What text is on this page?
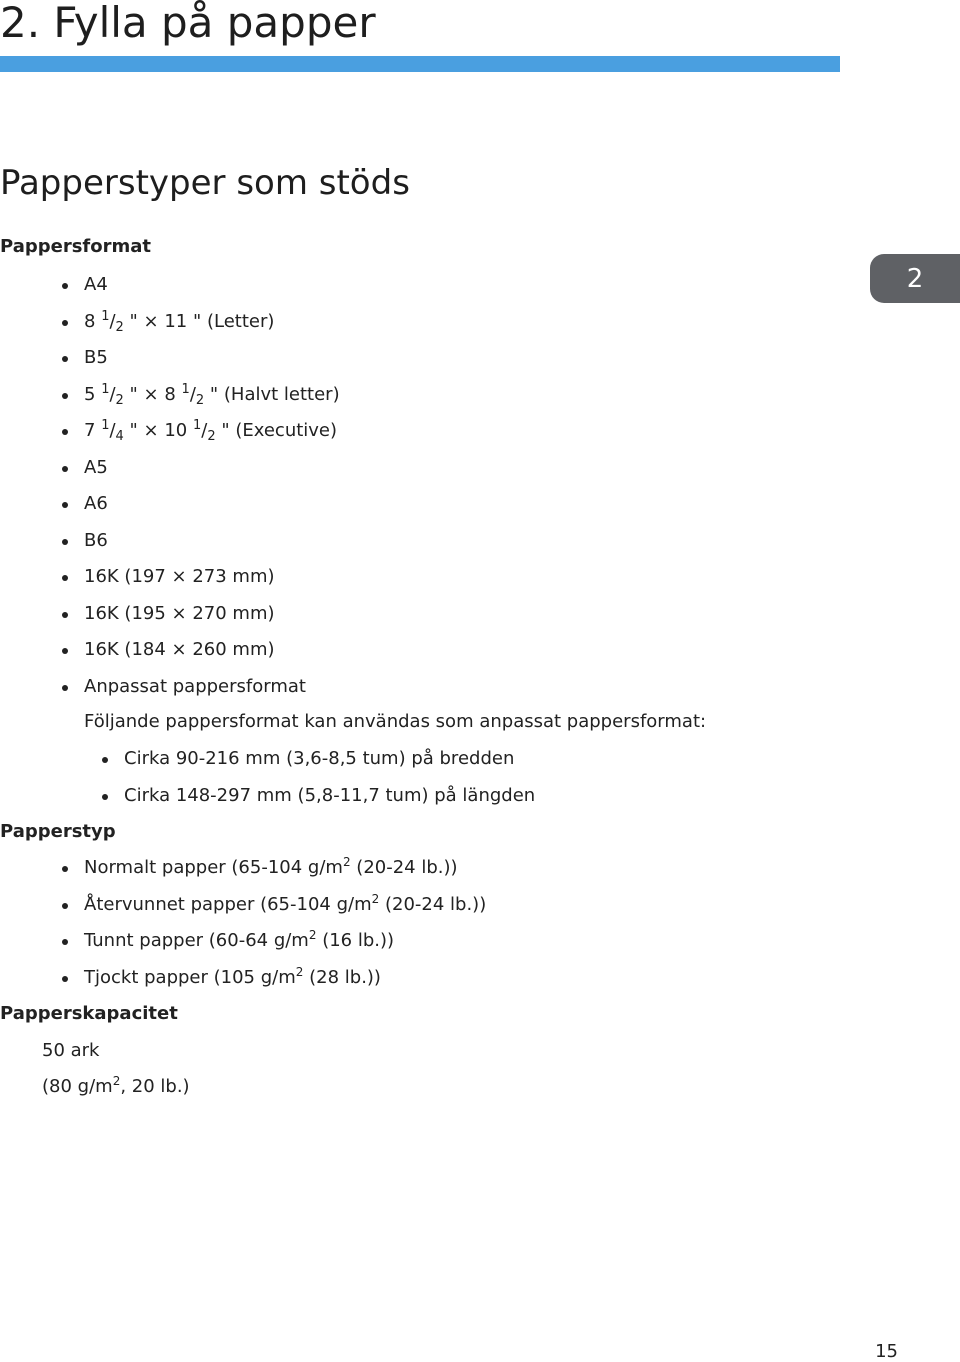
2. Fylla på papper
Papperstyper som stöds
2
Pappersformat
A4
8 $^1/_2$ " × 11 " (Letter)
B5
5 $^1/_2$ " × 8 $^1/_2$ " (Halvt letter)
7 $^1/_4$ " × 10 $^1/_2$ " (Executive)
A5
A6
B6
16K (197 × 273 mm)
16K (195 × 270 mm)
16K (184 × 260 mm)
Anpassat pappersformat
Följande pappersformat kan användas som anpassat pappersformat:
Cirka 90-216 mm (3,6-8,5 tum) på bredden
Cirka 148-297 mm (5,8-11,7 tum) på längden
Papperstyp
Normalt papper (65-104 $g/m^2$ (20-24 lb.))
Återvunnet papper (65-104 $g/m^2$ (20-24 lb.))
Tunnt papper (60-64 $g/m^2$ (16 lb.))
Tjockt papper (105 $g/m^2$ (28 lb.))
Papperskapacitet
50 ark
(80 $g/m^2$, 20 lb.)
15
